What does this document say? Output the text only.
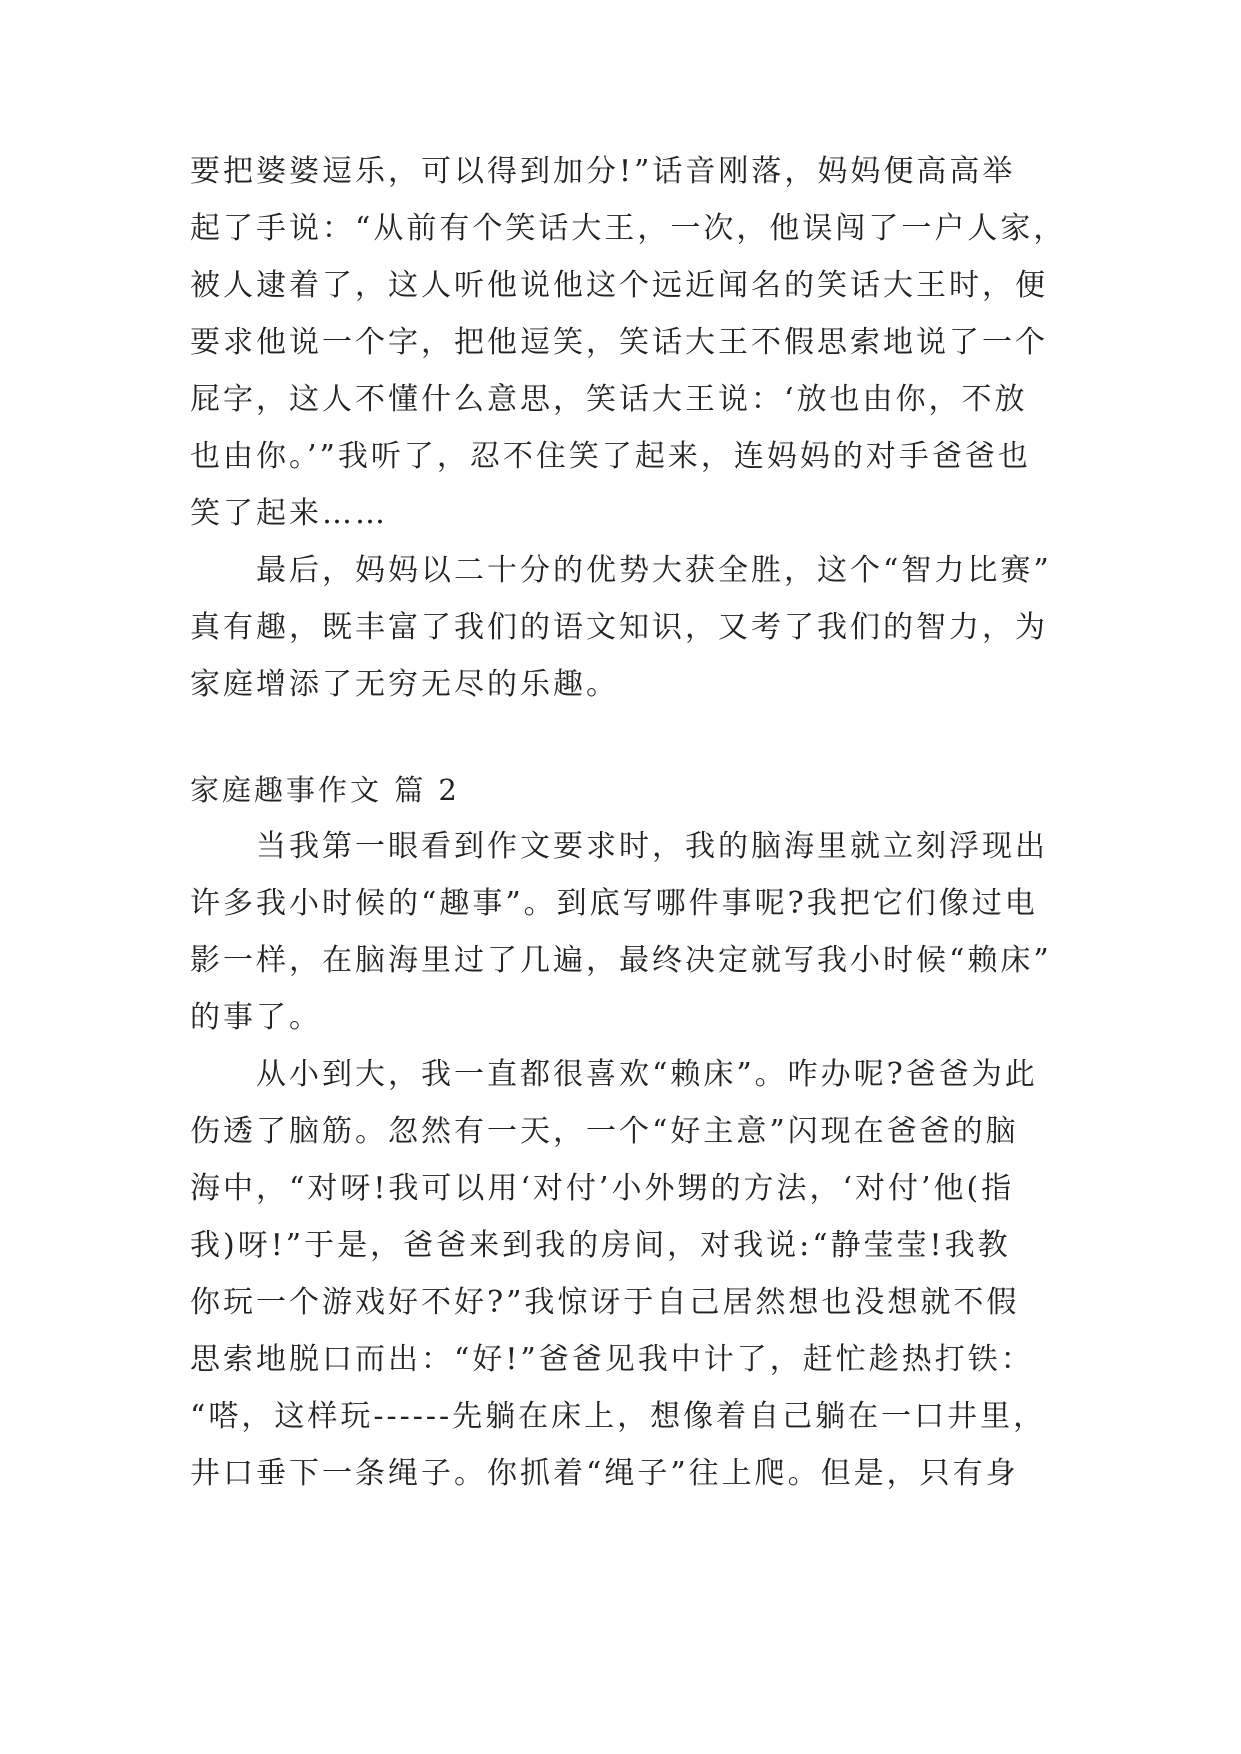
要把婆婆逗乐，可以得到加分!”话音刚落，妈妈便高高举
起了手说：“从前有个笑话大王，一次，他误闯了一户人家，
被人逮着了，这人听他说他这个远近闻名的笑话大王时，便
要求他说一个字，把他逗笑，笑话大王不假思索地说了一个
屁字，这人不懂什么意思，笑话大王说：‘放也由你，不放
也由你。’”我听了，忍不住笑了起来，连妈妈的对手爸爸也
笑了起来……
　　最后，妈妈以二十分的优势大获全胜，这个“智力比赛”
真有趣，既丰富了我们的语文知识，又考了我们的智力，为
家庭增添了无穷无尽的乐趣。
家庭趣事作文 篇 2
　　当我第一眼看到作文要求时，我的脑海里就立刻浮现出
许多我小时候的“趣事”。到底写哪件事呢?我把它们像过电
影一样，在脑海里过了几遍，最终决定就写我小时候“赖床”
的事了。
　　从小到大，我一直都很喜欢“赖床”。咋办呢?爸爸为此
伤透了脑筋。忽然有一天，一个“好主意”闪现在爸爸的脑
海中，“对呀!我可以用‘对付’小外甥的方法，‘对付’他(指
我)呀!”于是，爸爸来到我的房间，对我说:“静莹莹!我教
你玩一个游戏好不好?”我惊讶于自己居然想也没想就不假
思索地脱口而出：“好!”爸爸见我中计了，赶忙趁热打铁：
“嗒，这样玩------先躺在床上，想像着自己躺在一口井里，
井口垂下一条绳子。你抓着“绳子”往上爬。但是，只有身
